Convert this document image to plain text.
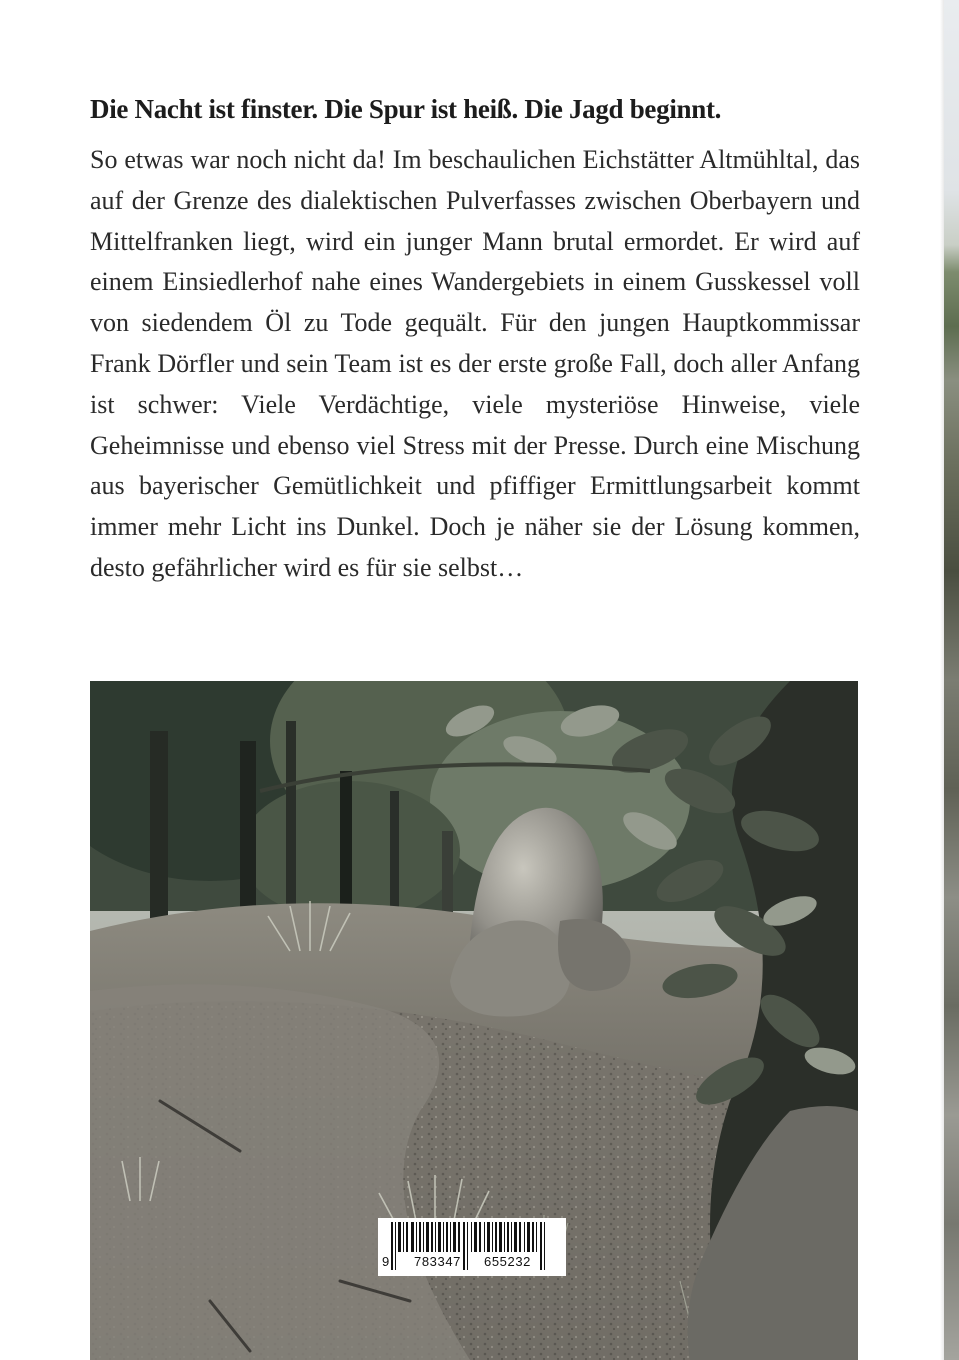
Die Nacht ist finster. Die Spur ist heiß. Die Jagd beginnt.

So etwas war noch nicht da! Im beschaulichen Eichstätter Altmühltal, das auf der Grenze des dialektischen Pulverfasses zwischen Oberbayern und Mittelfranken liegt, wird ein junger Mann brutal ermordet. Er wird auf einem Einsiedlerhof nahe eines Wandergebiets in einem Gusskessel voll von siedendem Öl zu Tode gequält. Für den jungen Hauptkommissar Frank Dörfler und sein Team ist es der erste große Fall, doch aller Anfang ist schwer: Viele Verdächtige, viele mysteriöse Hinweise, viele Geheimnisse und ebenso viel Stress mit der Presse. Durch eine Mischung aus bayerischer Gemütlichkeit und pfiffiger Ermittlungsarbeit kommt immer mehr Licht ins Dunkel. Doch je näher sie der Lösung kommen, desto gefährlicher wird es für sie selbst…

9 783347 655232
